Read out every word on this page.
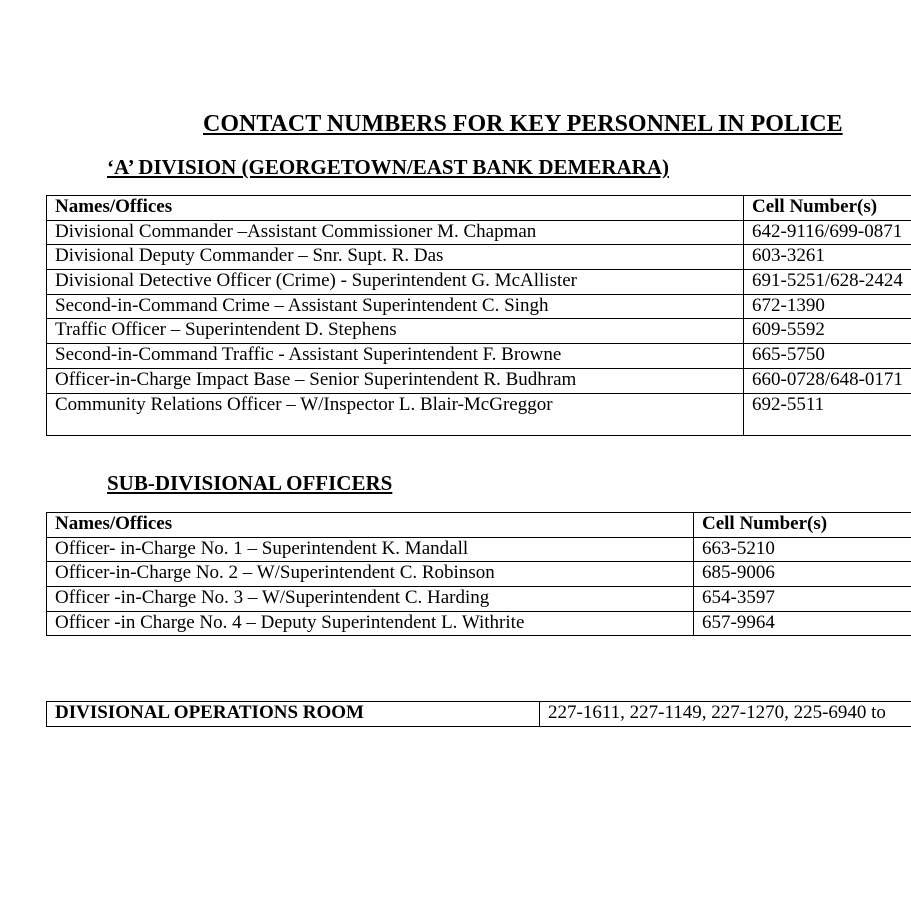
CONTACT NUMBERS FOR KEY PERSONNEL IN POLICE
‘A’ DIVISION (GEORGETOWN/EAST BANK DEMERARA)
Names/Offices	Cell Number(s)
Divisional Commander –Assistant Commissioner M. Chapman	642-9116/699-0871
Divisional Deputy Commander – Snr. Supt. R. Das	603-3261
Divisional Detective Officer (Crime) - Superintendent G. McAllister	691-5251/628-2424
Second-in-Command Crime – Assistant Superintendent C. Singh	672-1390
Traffic Officer – Superintendent D. Stephens	609-5592
Second-in-Command Traffic - Assistant Superintendent F. Browne	665-5750
Officer-in-Charge Impact Base – Senior Superintendent R. Budhram	660-0728/648-0171
Community Relations Officer – W/Inspector L. Blair-McGreggor	692-5511
SUB-DIVISIONAL OFFICERS
Names/Offices	Cell Number(s)
Officer- in-Charge No. 1 – Superintendent K. Mandall	663-5210
Officer-in-Charge No. 2 – W/Superintendent C. Robinson	685-9006
Officer -in-Charge No. 3 – W/Superintendent C. Harding	654-3597
Officer -in Charge No. 4 – Deputy Superintendent L. Withrite	657-9964
DIVISIONAL OPERATIONS ROOM	227-1611, 227-1149, 227-1270, 225-6940 to
